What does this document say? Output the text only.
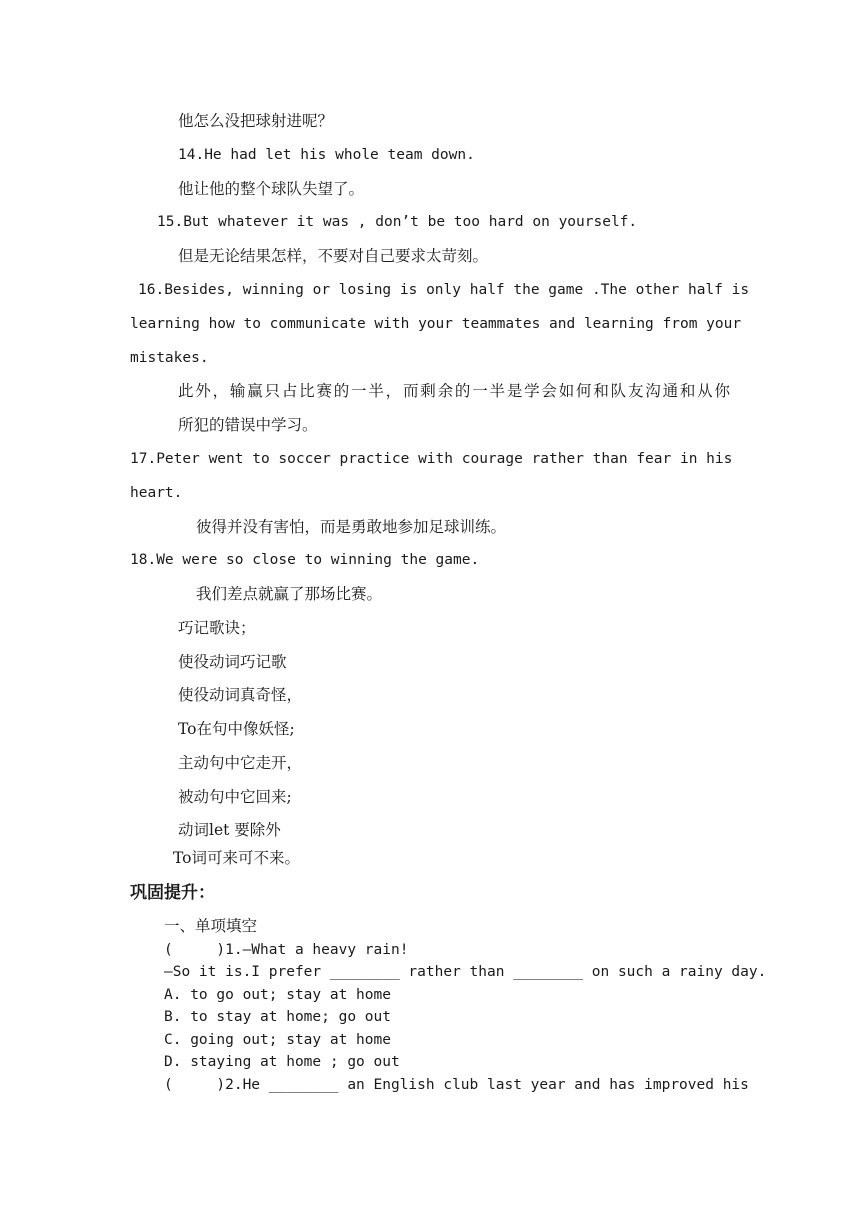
他怎么没把球射进呢？
14.He had let his whole team down.
他让他的整个球队失望了。
15.But whatever it was , don’t be too hard on yourself.
但是无论结果怎样，不要对自己要求太苛刻。
16.Besides, winning or losing is only half the game .The other half is
learning how to communicate with your teammates and learning from your
mistakes.
此外，输赢只占比赛的一半，而剩余的一半是学会如何和队友沟通和从你
所犯的错误中学习。
17.Peter went to soccer practice with courage rather than fear in his
heart.
彼得并没有害怕，而是勇敢地参加足球训练。
18.We were so close to winning the game.
我们差点就赢了那场比赛。
巧记歌诀；
使役动词巧记歌
使役动词真奇怪，
To在句中像妖怪;
主动句中它走开，
被动句中它回来;
动词let 要除外
To词可来可不来。
巩固提升：
一、单项填空
(     )1.—What a heavy rain!
—So it is.I prefer ________ rather than ________ on such a rainy day.
A. to go out; stay at home
B. to stay at home; go out
C. going out; stay at home
D. staying at home ; go out
(     )2.He ________ an English club last year and has improved his
